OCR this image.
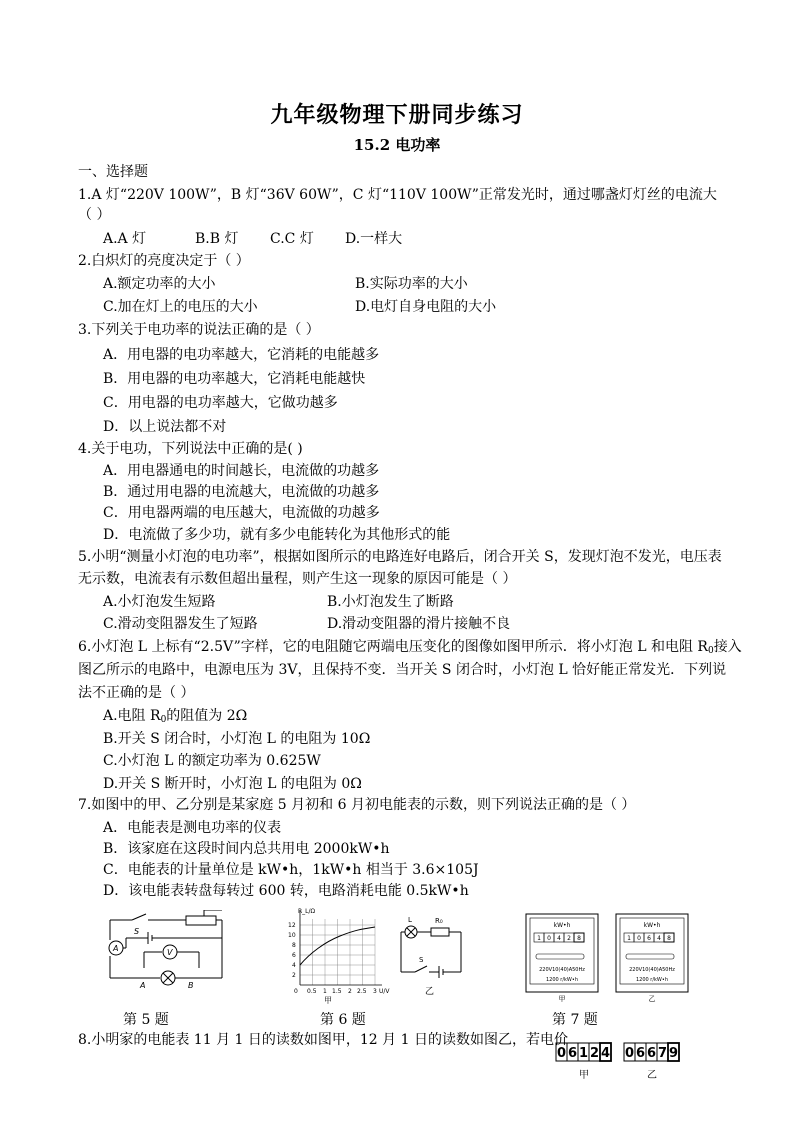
九年级物理下册同步练习
15.2 电功率
一、选择题
1.A 灯“220V 100W”，B 灯“36V 60W”，C 灯“110V 100W”正常发光时，通过哪盏灯灯丝的电流大
（ ）
A.A 灯	B.B 灯 C.C 灯 D.一样大
2.白炽灯的亮度决定于（ ）
A.额定功率的大小	B.实际功率的大小
C.加在灯上的电压的大小	D.电灯自身电阻的大小
3.下列关于电功率的说法正确的是（ ）
A．用电器的电功率越大，它消耗的电能越多
B．用电器的电功率越大，它消耗电能越快
C．用电器的电功率越大，它做功越多
D．以上说法都不对
4.关于电功，下列说法中正确的是( )
A．用电器通电的时间越长，电流做的功越多
B．通过用电器的电流越大，电流做的功越多
C．用电器两端的电压越大，电流做的功越多
D．电流做了多少功，就有多少电能转化为其他形式的能
5.小明“测量小灯泡的电功率”，根据如图所示的电路连好电路后，闭合开关 S，发现灯泡不发光，电压表
无示数，电流表有示数但超出量程，则产生这一现象的原因可能是（ ）
A.小灯泡发生短路	B.小灯泡发生了断路
C.滑动变阻器发生了短路	D.滑动变阻器的滑片接触不良
6.小灯泡 L 上标有“2.5V”字样，它的电阻随它两端电压变化的图像如图甲所示．将小灯泡 L 和电阻 $R_0$接入
图乙所示的电路中，电源电压为 3V，且保持不变．当开关 S 闭合时，小灯泡 L 恰好能正常发光．下列说
法不正确的是（ ）
A.电阻 $R_0$的阻值为 2Ω
B.开关 S 闭合时，小灯泡 L 的电阻为 10Ω
C.小灯泡 L 的额定功率为 0.625W
D.开关 S 断开时，小灯泡 L 的电阻为 0Ω
7.如图中的甲、乙分别是某家庭 5 月初和 6 月初电能表的示数，则下列说法正确的是（ ）
A．电能表是测电功率的仪表
B．该家庭在这段时间内总共用电 2000kW•h
C．电能表的计量单位是 kW•h，1kW•h 相当于 3.6×105J
D．该电能表转盘每转过 600 转，电路消耗电能 0.5kW•h
S
A	V
A	B
第 5 题
R_L/Ω
12
10
8
6
4
2
0 0.5 1 1.5 2 2.5 3 U/V
甲
L	R₀
S
乙
第 6 题
kW•h
1 0 4 2 8
220V10(40)A50Hz
1200 r/kW•h
甲
kW•h
1 0 6 4 8
220V10(40)A50Hz
1200 r/kW•h
乙
第 7 题
8.小明家的电能表 11 月 1 日的读数如图甲，12 月 1 日的读数如图乙，若电价
0 6 1 2 4 0 6 6 7 9
甲	乙
